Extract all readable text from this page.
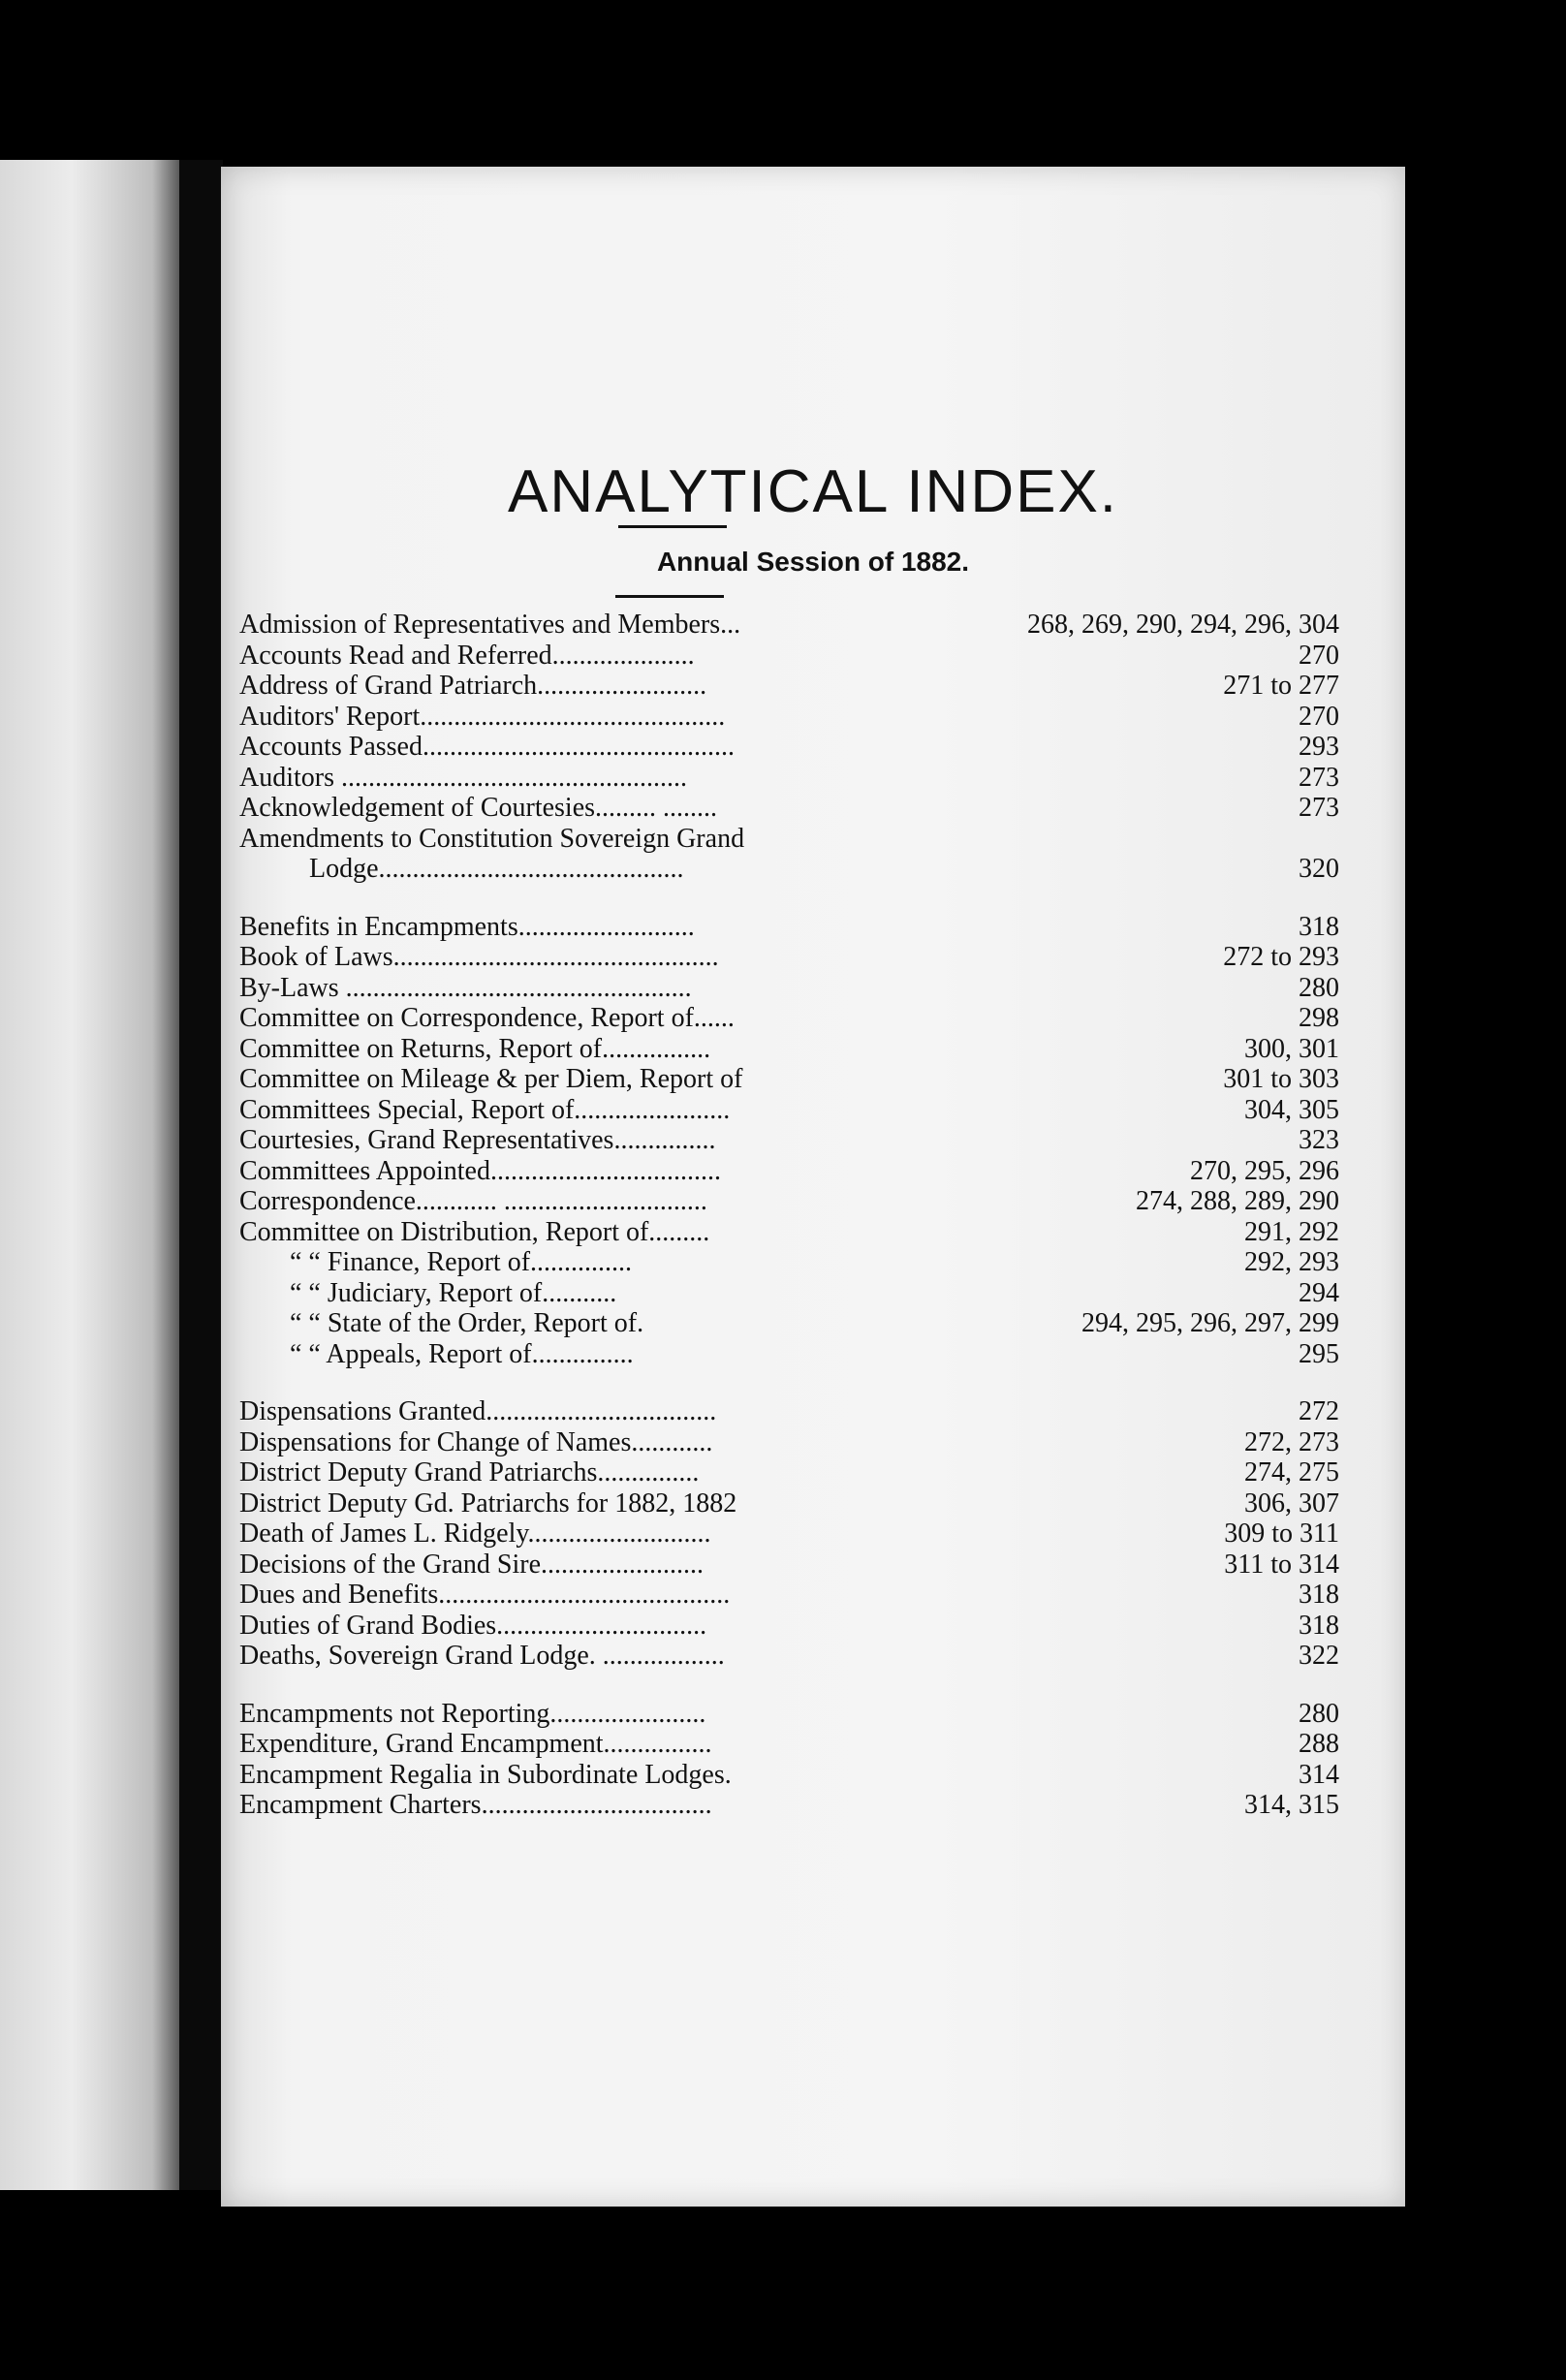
ANALYTICAL INDEX.
Annual Session of 1882.
Admission of Representatives and Members...	268, 269, 290, 294, 296, 304
Accounts Read and Referred.....................	270
Address of Grand Patriarch.........................	271 to 277
Auditors' Report.............................................	270
Accounts Passed..............................................	293
Auditors ...................................................	273
Acknowledgement of Courtesies......... ........	273
Amendments to Constitution Sovereign Grand
Lodge.............................................	320
Benefits in Encampments..........................	318
Book of Laws................................................	272 to 293
By-Laws ...................................................	280
Committee on Correspondence, Report of......	298
Committee on Returns, Report of................	300, 301
Committee on Mileage & per Diem, Report of	301 to 303
Committees Special, Report of.......................	304, 305
Courtesies, Grand Representatives...............	323
Committees Appointed..................................	270, 295, 296
Correspondence............ ..............................	274, 288, 289, 290
Committee on Distribution, Report of.........	291, 292
“ “ Finance, Report of...............	292, 293
“ “ Judiciary, Report of...........	294
“ “ State of the Order, Report of.	294, 295, 296, 297, 299
“ “ Appeals, Report of...............	295
Dispensations Granted..................................	272
Dispensations for Change of Names............	272, 273
District Deputy Grand Patriarchs...............	274, 275
District Deputy Gd. Patriarchs for 1882, 1882	306, 307
Death of James L. Ridgely...........................	309 to 311
Decisions of the Grand Sire........................	311 to 314
Dues and Benefits...........................................	318
Duties of Grand Bodies...............................	318
Deaths, Sovereign Grand Lodge. ..................	322
Encampments not Reporting.......................	280
Expenditure, Grand Encampment................	288
Encampment Regalia in Subordinate Lodges.	314
Encampment Charters..................................	314, 315
